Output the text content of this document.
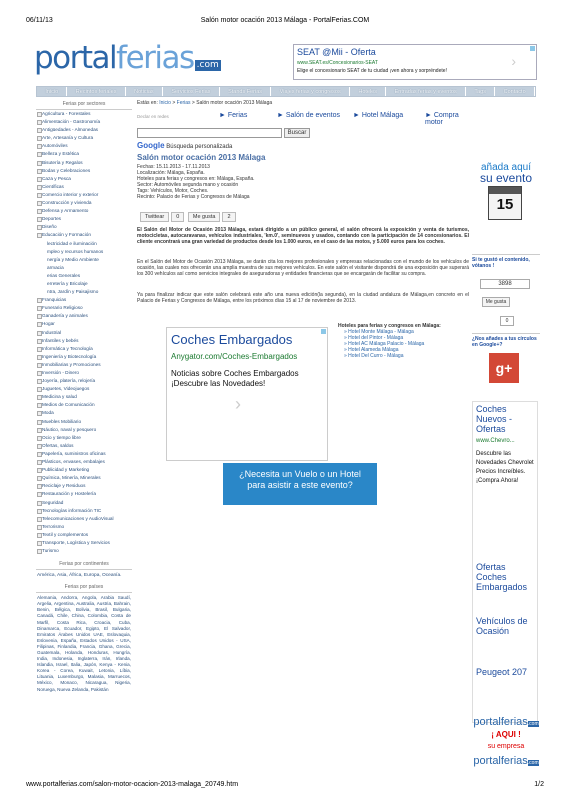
06/11/13	Salón motor ocación 2013 Málaga - PortalFerias.COM
portalferias .com
SEAT @Mii - Oferta
www.SEAT.es/Concesionarios-SEAT
Elige el concesionario SEAT de tu ciudad ¡ven ahora y sorpréndete!
›
Inicio	Recintos feriales	Noticias	Servicios Ferias	Stands Ferias	Viajes ferias y congresos	Hoteles	Entradas ferias y eventos	Tags	Contacto
Ferias por sectores
Agricultura - Forestales
Alimentación - Gastronomía
Antigüedades - Almonedas
Arte, Artesanía y Cultura
Automóviles
Belleza y Estética
Bisutería y Regalos
Bodas y Celebraciones
Caza y Pesca
Científicas
Comercio interior y exterior
Construcción y vivienda
Defensa y Armamento
Deportes
Diseño
Educación y Formación
lectricidad e iluminación
mpleo y recursos humanos
nergía y Medio Ambiente
armacia
erias Generales
erretería y Bricolaje
ntra, Jardín y Paisajismo
Franquicias
Funerario Religioso
Ganadería y animales
Hogar
Industrial
Infantiles y bebés
Informática y Tecnología
Ingeniería y Biotecnología
Inmobiliarias y Promociones
Inversión - Dinero
Joyería, platería, relojería
Juguetes, Videojuegos
Medicina y salud
Medios de Comunicación
Moda
Muebles Mobiliario
Náutico, naval y pesquero
Ocio y tiempo libre
Ofertas, saldos
Papelería, suministros oficinas
Plásticos, envases, embalajes
Publicidad y Marketing
Química, Minería, Minerales
Reciclaje y Residuos
Restauración y Hostelería
Seguridad
Tecnologías información TIC
Telecomunicaciones y AudioVisual
Terrorismo
Textil y complementos
Transporte, Logística y Servicios
Turismo
Ferias por continentes
América, Asia, África, Europa, Oceanía.
Ferias por países
Alemania, Andorra, Angola, Arabia Saudí, Argelia, Argentina, Australia, Austria, Bahrain, Benin, Bélgica, Bolivia, Brasil, Bulgaria, Canadá, Chile, China, Colombia, Costa de Marfil, Costa Rica, Croacia, Cuba, Dinamarca, Ecuador, Egipto, El Salvador, Emiratos Árabes Unidos UAE, Eslovaquia, Eslovenia, España, Estados Unidos - USA, Filipinas, Finlandia, Francia, Ghana, Grecia, Guatemala, Holanda, Honduras, Hungría, India, Indonesia, Inglaterra, Irán, Irlanda, Islandia, Israel, Italia, Japón, Kenya - Kenia, Korea - Corea, Kuwait, Letonia, Líbia, Lituania, Luxemburgo, Malasia, Marruecos, México, Monaco, Nicaragua, Nigeria, Noruega, Nueva Zelanda, Pakistán
Estás en: Inicio > Ferias > Salón motor ocación 2013 Málaga
Declar en redes	► Ferias	► Salón de eventos ► Hotel Málaga	► Compra motor
Buscar
Google Búsqueda personalizada
Salón motor ocación 2013 Málaga
Fechas: 15.11.2013 - 17.11.2013
Localización: Málaga, España.
Hoteles para ferias y congresos en: Málaga, España.
Sector: Automóviles segunda mano y ocasión
Tags: Vehículos, Motor, Coches.
Recinto: Palacio de Ferias y Congresos de Málaga
Twittear 0 Me gusta 2
El Salón del Motor de Ocasión 2013 Málaga, estará dirigido a un público general, el salón ofrecerá la exposición y venta de turismos, motocicletas, autocaravanas, vehículos industriales, 'km.0', seminuevos y usados, contando con la participación de 14 concesionarios. El cliente encontrará una gran variedad de productos desde los 1.000 euros, en el caso de las motos, y 5.000 euros para los coches.
En el Salón del Motor de Ocasión 2013 Málaga, se darán cita los mejores profesionales y empresas relacionadas con el mundo de los vehículos de ocasión, las cuales nos ofrecerán una amplia muestra de sus mejores vehículos. En este salón el visitante dispondrá de una exposición que superará los 300 vehículos así como servicios integrales de aseguradoras y entidades financieras que se encargarán de facilitar su compra.
Ya para finalizar indicar que este salón celebrará este año una nueva edición(la segunda), en la ciudad andaluza de Málaga,en concreto en el Palacio de Ferias y Congresos de Málaga, entre los próximos días 15 al 17 de noviembre de 2013.
Coches Embargados
Anygator.com/Coches-Embargados
Noticias sobre Coches Embargados
¡Descubre las Novedades!
›
Hoteles para ferias y congresos en Málaga:
» Hotel Monte Málaga - Málaga
» Hotel del Pintor - Málaga
» Hotel AC Málaga Palacio - Málaga
» Hotel Alameda Málaga
» Hotel Del Curro - Málaga
¿Necesita un Vuelo o un Hotel
para asistir a este evento?
añada aquí
su evento
15
Si te gustó el contenido, vótanos !
3898
Me gusta
0
¿Nos añades a tus círculos en Google+?
g+
Coches Nuevos - Ofertas
www.Chevro...
Descubre las Novedades Chevrolet Precios Increíbles. ¡Compra Ahora!
Ofertas Coches Embargados
Vehículos de Ocasión
Peugeot 207
portalferias.com
¡ AQUI !
su empresa
portalferias.com
www.portalferias.com/salon-motor-ocacion-2013-malaga_20749.htm	1/2
